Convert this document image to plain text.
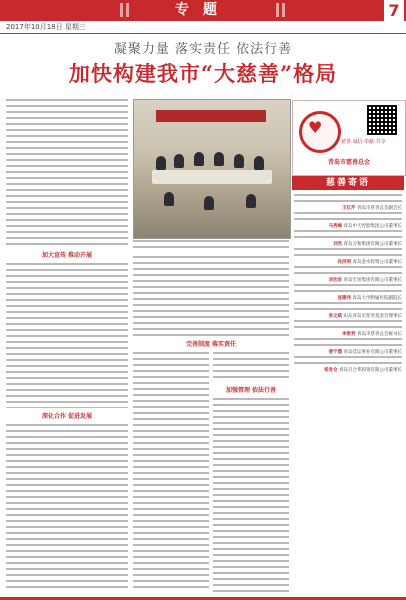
专题	7
2017年10月18日 星期三
凝聚力量 落实责任 依法行善
加快构建我市“大慈善”格局
加大宣传 推动开展
深化合作 促进发展
完善制度 落实责任
加强管理 依法行善
♥
慈善·诚信·奉献·共享
青岛市慈善总会
慈善寄语
王红芹 青岛市慈善总会副会长
马秀峰 青岛中天控股集团公司董事长
刘英 青岛万和集团有限公司董事长
孙洪明 青岛金水投资公司董事长
刘宏宙 青岛宏宙集团有限公司董事长
连建伟 青岛大学附属医院副院长
张文斌 山东青岛市慈善基金会理事长
李贵利 青岛市慈善总会秘书长
姜宁德 青岛佳运事业有限公司董事长
杨发仓 青岛百合邦投资有限公司董事长
